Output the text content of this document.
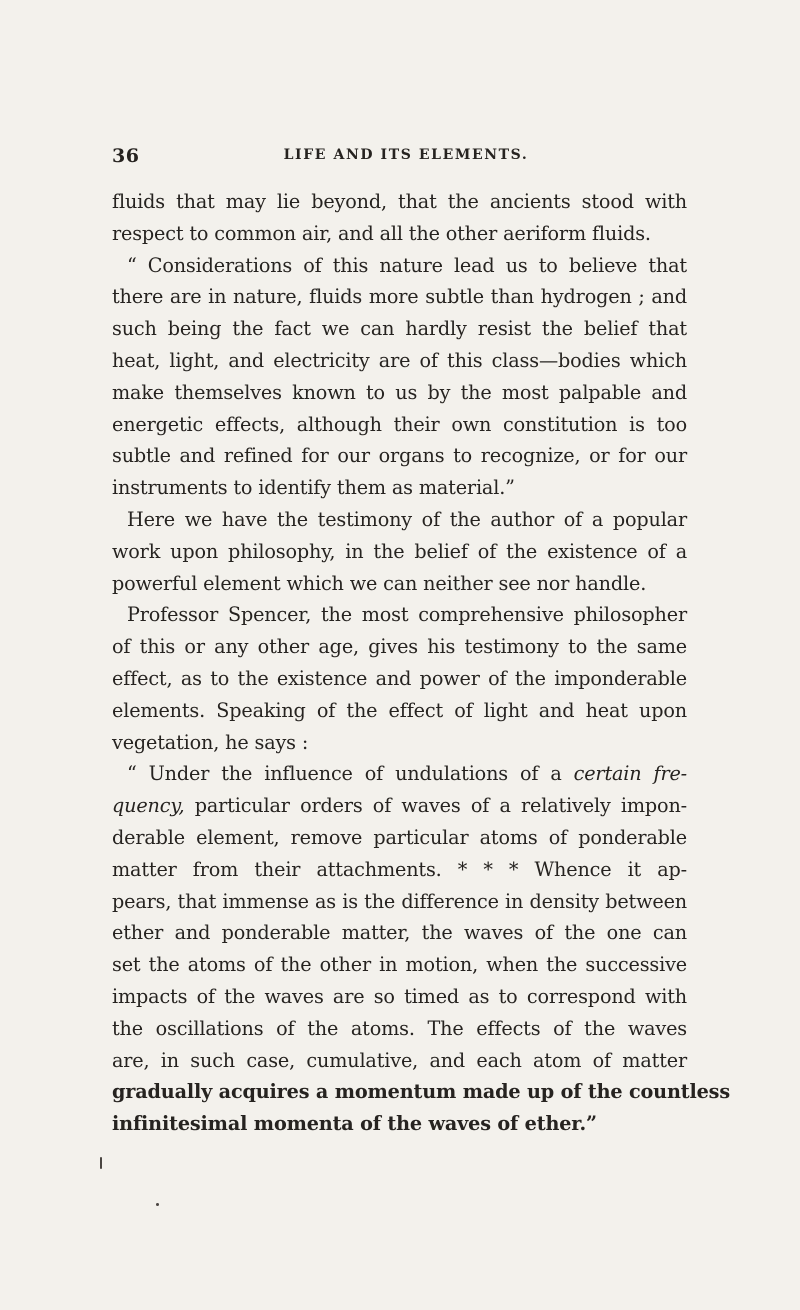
36	LIFE AND ITS ELEMENTS.
fluids that may lie beyond, that the ancients stood with
respect to common air, and all the other aeriform fluids.
“ Considerations of this nature lead us to believe that
there are in nature, fluids more subtle than hydrogen ; and
such being the fact we can hardly resist the belief that
heat, light, and electricity are of this class—bodies which
make themselves known to us by the most palpable and
energetic effects, although their own constitution is too
subtle and refined for our organs to recognize, or for our
instruments to identify them as material.”
Here we have the testimony of the author of a popular
work upon philosophy, in the belief of the existence of a
powerful element which we can neither see nor handle.
Professor Spencer, the most comprehensive philosopher
of this or any other age, gives his testimony to the same
effect, as to the existence and power of the imponderable
elements. Speaking of the effect of light and heat upon
vegetation, he says :
“ Under the influence of undulations of a certain fre-
quency, particular orders of waves of a relatively impon-
derable element, remove particular atoms of ponderable
matter from their attachments. * * * Whence it ap-
pears, that immense as is the difference in density between
ether and ponderable matter, the waves of the one can
set the atoms of the other in motion, when the successive
impacts of the waves are so timed as to correspond with
the oscillations of the atoms. The effects of the waves
are, in such case, cumulative, and each atom of matter
gradually acquires a momentum made up of the countless
infinitesimal momenta of the waves of ether.”
